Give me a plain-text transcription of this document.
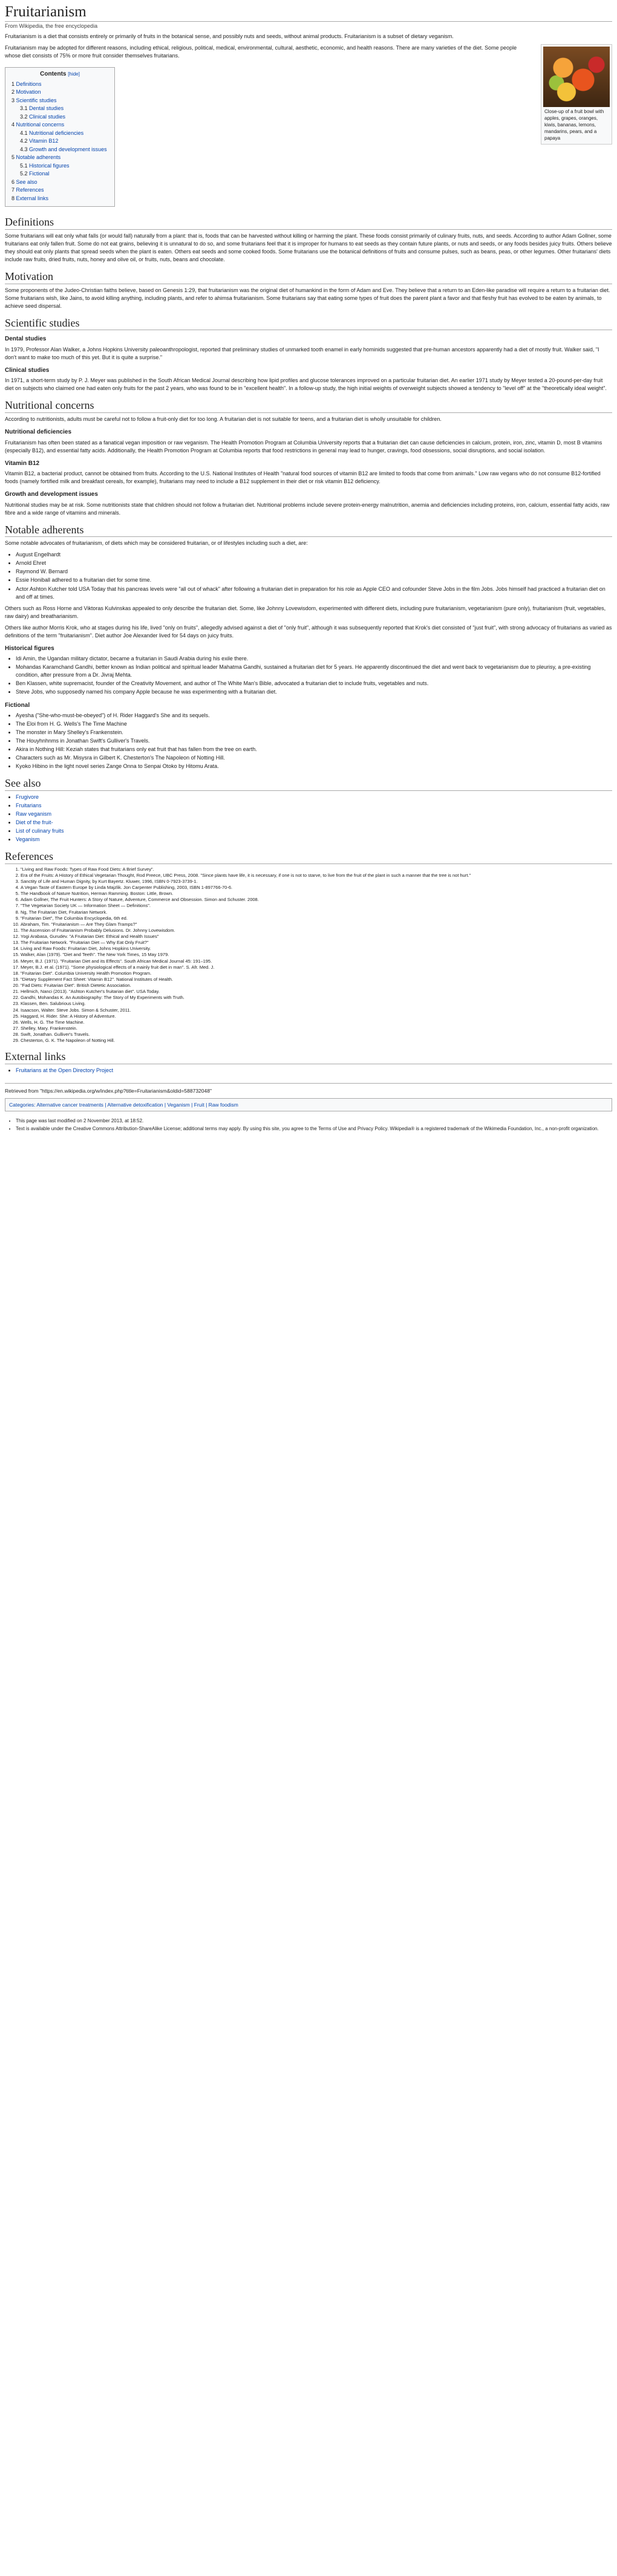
Fruitarianism
From Wikipedia, the free encyclopedia

Fruitarianism is a diet that consists entirely or primarily of fruits in the botanical sense, and possibly nuts and seeds, without animal products. Fruitarianism is a subset of dietary veganism.

Close-up of a fruit bowl with apples, grapes, oranges, kiwis, bananas, lemons, mandarins, pears, and a papaya

Fruitarianism may be adopted for different reasons, including ethical, religious, political, medical, environmental, cultural, aesthetic, economic, and health reasons. There are many varieties of the diet. Some people whose diet consists of 75% or more fruit consider themselves fruitarians.

Contents [hide]
1 Definitions
2 Motivation
3 Scientific studies
3.1 Dental studies
3.2 Clinical studies
4 Nutritional concerns
4.1 Nutritional deficiencies
4.2 Vitamin B12
4.3 Growth and development issues
5 Notable adherents
5.1 Historical figures
5.2 Fictional
6 See also
7 References
8 External links
Definitions

Some fruitarians will eat only what falls (or would fall) naturally from a plant: that is, foods that can be harvested without killing or harming the plant. These foods consist primarily of culinary fruits, nuts, and seeds. According to author Adam Gollner, some fruitarians eat only fallen fruit. Some do not eat grains, believing it is unnatural to do so, and some fruitarians feel that it is improper for humans to eat seeds as they contain future plants, or nuts and seeds, or any foods besides juicy fruits. Others believe they should eat only plants that spread seeds when the plant is eaten. Others eat seeds and some cooked foods. Some fruitarians use the botanical definitions of fruits and consume pulses, such as beans, peas, or other legumes. Other fruitarians' diets include raw fruits, dried fruits, nuts, honey and olive oil, or fruits, nuts, beans and chocolate.

Motivation

Some proponents of the Judeo-Christian faiths believe, based on Genesis 1:29, that fruitarianism was the original diet of humankind in the form of Adam and Eve. They believe that a return to an Eden-like paradise will require a return to a fruitarian diet. Some fruitarians wish, like Jains, to avoid killing anything, including plants, and refer to ahimsa fruitarianism. Some fruitarians say that eating some types of fruit does the parent plant a favor and that fleshy fruit has evolved to be eaten by animals, to achieve seed dispersal.

Scientific studies
Dental studies

In 1979, Professor Alan Walker, a Johns Hopkins University paleoanthropologist, reported that preliminary studies of unmarked tooth enamel in early hominids suggested that pre-human ancestors apparently had a diet of mostly fruit. Walker said, "I don't want to make too much of this yet. But it is quite a surprise."

Clinical studies

In 1971, a short-term study by P. J. Meyer was published in the South African Medical Journal describing how lipid profiles and glucose tolerances improved on a particular fruitarian diet. An earlier 1971 study by Meyer tested a 20-pound-per-day fruit diet on subjects who claimed one had eaten only fruits for the past 2 years, who was found to be in "excellent health". In a follow-up study, the high initial weights of overweight subjects showed a tendency to "level off" at the "theoretically ideal weight".

Nutritional concerns

According to nutritionists, adults must be careful not to follow a fruit-only diet for too long. A fruitarian diet is not suitable for teens, and a fruitarian diet is wholly unsuitable for children.

Nutritional deficiencies

Fruitarianism has often been stated as a fanatical vegan imposition or raw veganism. The Health Promotion Program at Columbia University reports that a fruitarian diet can cause deficiencies in calcium, protein, iron, zinc, vitamin D, most B vitamins (especially B12), and essential fatty acids. Additionally, the Health Promotion Program at Columbia reports that food restrictions in general may lead to hunger, cravings, food obsessions, social disruptions, and social isolation.

Vitamin B12

Vitamin B12, a bacterial product, cannot be obtained from fruits. According to the U.S. National Institutes of Health "natural food sources of vitamin B12 are limited to foods that come from animals." Low raw vegans who do not consume B12-fortified foods (namely fortified milk and breakfast cereals, for example), fruitarians may need to include a B12 supplement in their diet or risk vitamin B12 deficiency.

Growth and development issues

Nutritional studies may be at risk. Some nutritionists state that children should not follow a fruitarian diet. Nutritional problems include severe protein-energy malnutrition, anemia and deficiencies including proteins, iron, calcium, essential fatty acids, raw fibre and a wide range of vitamins and minerals.

Notable adherents

Some notable advocates of fruitarianism, of diets which may be considered fruitarian, or of lifestyles including such a diet, are:

• August Engelhardt
• Arnold Ehret
• Raymond W. Bernard
• Essie Honiball adhered to a fruitarian diet for some time.
• Actor Ashton Kutcher told USA Today that his pancreas levels were "all out of whack" after following a fruitarian diet in preparation for his role as Apple CEO and cofounder Steve Jobs in the film Jobs. Jobs himself had practiced a fruitarian diet on and off at times.

Others such as Ross Horne and Viktoras Kulvinskas appealed to only describe the fruitarian diet. Some, like Johnny Lovewisdom, experimented with different diets, including pure fruitarianism, vegetarianism (pure only), fruitarianism (fruit, vegetables, raw dairy) and breatharianism.

Others like author Morris Krok, who at stages during his life, lived "only on fruits", allegedly advised against a diet of "only fruit", although it was subsequently reported that Krok's diet consisted of "just fruit", with strong advocacy of fruitarians as varied as definitions of the term "fruitarianism". Diet author Joe Alexander lived for 54 days on juicy fruits.

Historical figures
• Idi Amin, the Ugandan military dictator, became a fruitarian in Saudi Arabia during his exile there.
• Mohandas Karamchand Gandhi, better known as Indian political and spiritual leader Mahatma Gandhi, sustained a fruitarian diet for 5 years. He apparently discontinued the diet and went back to vegetarianism due to pleurisy, a pre-existing condition, after pressure from a Dr. Jivraj Mehta.
• Ben Klassen, white supremacist, founder of the Creativity Movement, and author of The White Man's Bible, advocated a fruitarian diet to include fruits, vegetables and nuts.
• Steve Jobs, who supposedly named his company Apple because he was experimenting with a fruitarian diet.
Fictional
• Ayesha ("She-who-must-be-obeyed") of H. Rider Haggard's She and its sequels.
• The Eloi from H. G. Wells's The Time Machine
• The monster in Mary Shelley's Frankenstein.
• The Houyhnhnms in Jonathan Swift's Gulliver's Travels.
• Akira in Nothing Hill: Keziah states that fruitarians only eat fruit that has fallen from the tree on earth.
• Characters such as Mr. Misysra in Gilbert K. Chesterton's The Napoleon of Notting Hill.
• Kyoko Hibino in the light novel series Zange Onna to Senpai Otoko by Hitomu Arata.
See also
• Frugivore
• Fruitarians
• Raw veganism
• Diet of the fruit-
• List of culinary fruits
• Veganism
References
1. "Living and Raw Foods: Types of Raw Food Diets: A Brief Survey".
2. Era of the Fruits: A History of Ethical Vegetarian Thought, Rod Preece, UBC Press, 2008. "Since plants have life, it is necessary, if one is not to starve, to live from the fruit of the plant in such a manner that the tree is not hurt."
3. Sanctity of Life and Human Dignity, by Kurt Bayertz. Kluwer, 1996, ISBN 0-7923-3739-1.
4. A Vegan Taste of Eastern Europe by Linda Majzlik. Jon Carpenter Publishing, 2003, ISBN 1-897766-70-6.
5. The Handbook of Nature Nutrition, Herman Ramming. Boston: Little, Brown.
6. Adam Gollner, The Fruit Hunters: A Story of Nature, Adventure, Commerce and Obsession. Simon and Schuster. 2008.
7. "The Vegetarian Society UK — Information Sheet — Definitions".
8. Ng, The Fruitarian Diet, Fruitarian Network.
9. "Fruitarian Diet", The Columbia Encyclopedia, 6th ed.
10. Abraham, Tim. "Fruitarianism — Are They Glam Tramps?"
11. The Ascension of Fruitarianism Probably Delusions. Dr. Johnny Lovewisdom.
12. Yogi Arabasa, Gurudev. "A Fruitarian Diet: Ethical and Health Issues"
13. The Fruitarian Network. "Fruitarian Diet — Why Eat Only Fruit?"
14. Living and Raw Foods: Fruitarian Diet, Johns Hopkins University.
15. Walker, Alan (1979). "Diet and Teeth". The New York Times, 15 May 1979.
16. Meyer, B.J. (1971). "Fruitarian Diet and its Effects". South African Medical Journal 45: 191–195.
17. Meyer, B.J. et al. (1971). "Some physiological effects of a mainly fruit diet in man". S. Afr. Med. J.
18. "Fruitarian Diet". Columbia University Health Promotion Program.
19. "Dietary Supplement Fact Sheet: Vitamin B12". National Institutes of Health.
20. "Fad Diets: Fruitarian Diet". British Dietetic Association.
21. Hellmich, Nanci (2013). "Ashton Kutcher's fruitarian diet". USA Today.
22. Gandhi, Mohandas K. An Autobiography: The Story of My Experiments with Truth.
23. Klassen, Ben. Salubrious Living.
24. Isaacson, Walter. Steve Jobs. Simon & Schuster, 2011.
25. Haggard, H. Rider. She: A History of Adventure.
26. Wells, H. G. The Time Machine.
27. Shelley, Mary. Frankenstein.
28. Swift, Jonathan. Gulliver's Travels.
29. Chesterton, G. K. The Napoleon of Notting Hill.
External links
• Fruitarians at the Open Directory Project
Retrieved from "https://en.wikipedia.org/w/index.php?title=Fruitarianism&oldid=588732048"
Categories: Alternative cancer treatments | Alternative detoxification | Veganism | Fruit | Raw foodism
• This page was last modified on 2 November 2013, at 18:52.
• Text is available under the Creative Commons Attribution-ShareAlike License; additional terms may apply. By using this site, you agree to the Terms of Use and Privacy Policy. Wikipedia® is a registered trademark of the Wikimedia Foundation, Inc., a non-profit organization.
